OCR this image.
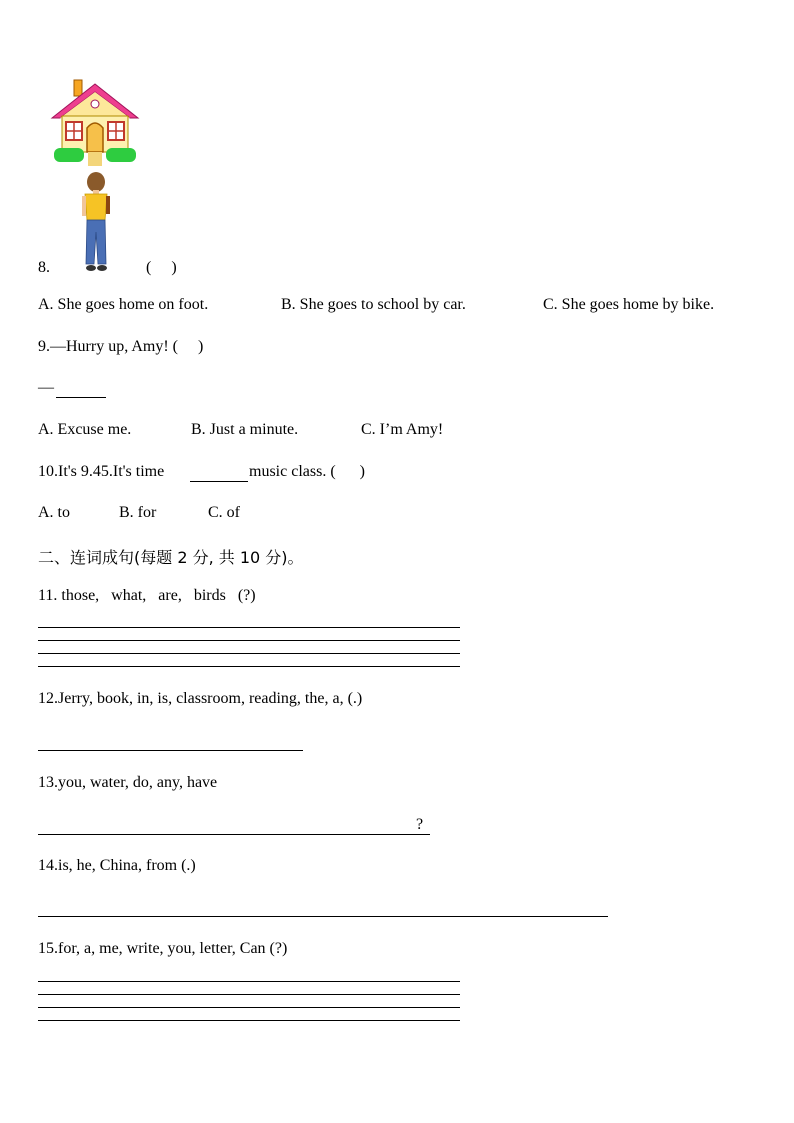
8.	(     )
A. She goes home on foot.	B. She goes to school by car.	C. She goes home by bike.
9.—Hurry up, Amy! (     )
—
A. Excuse me.	B. Just a minute.	C. I’m Amy!
10.It's 9.45.It's time	music class. (      )
A. to	B. for	C. of
二、连词成句(每题 2 分, 共 10 分)。
11. those,   what,   are,   birds   (?)
12.Jerry, book, in, is, classroom, reading, the, a, (.)
13.you, water, do, any, have
?
14.is, he, China, from (.)
15.for, a, me, write, you, letter, Can (?)
